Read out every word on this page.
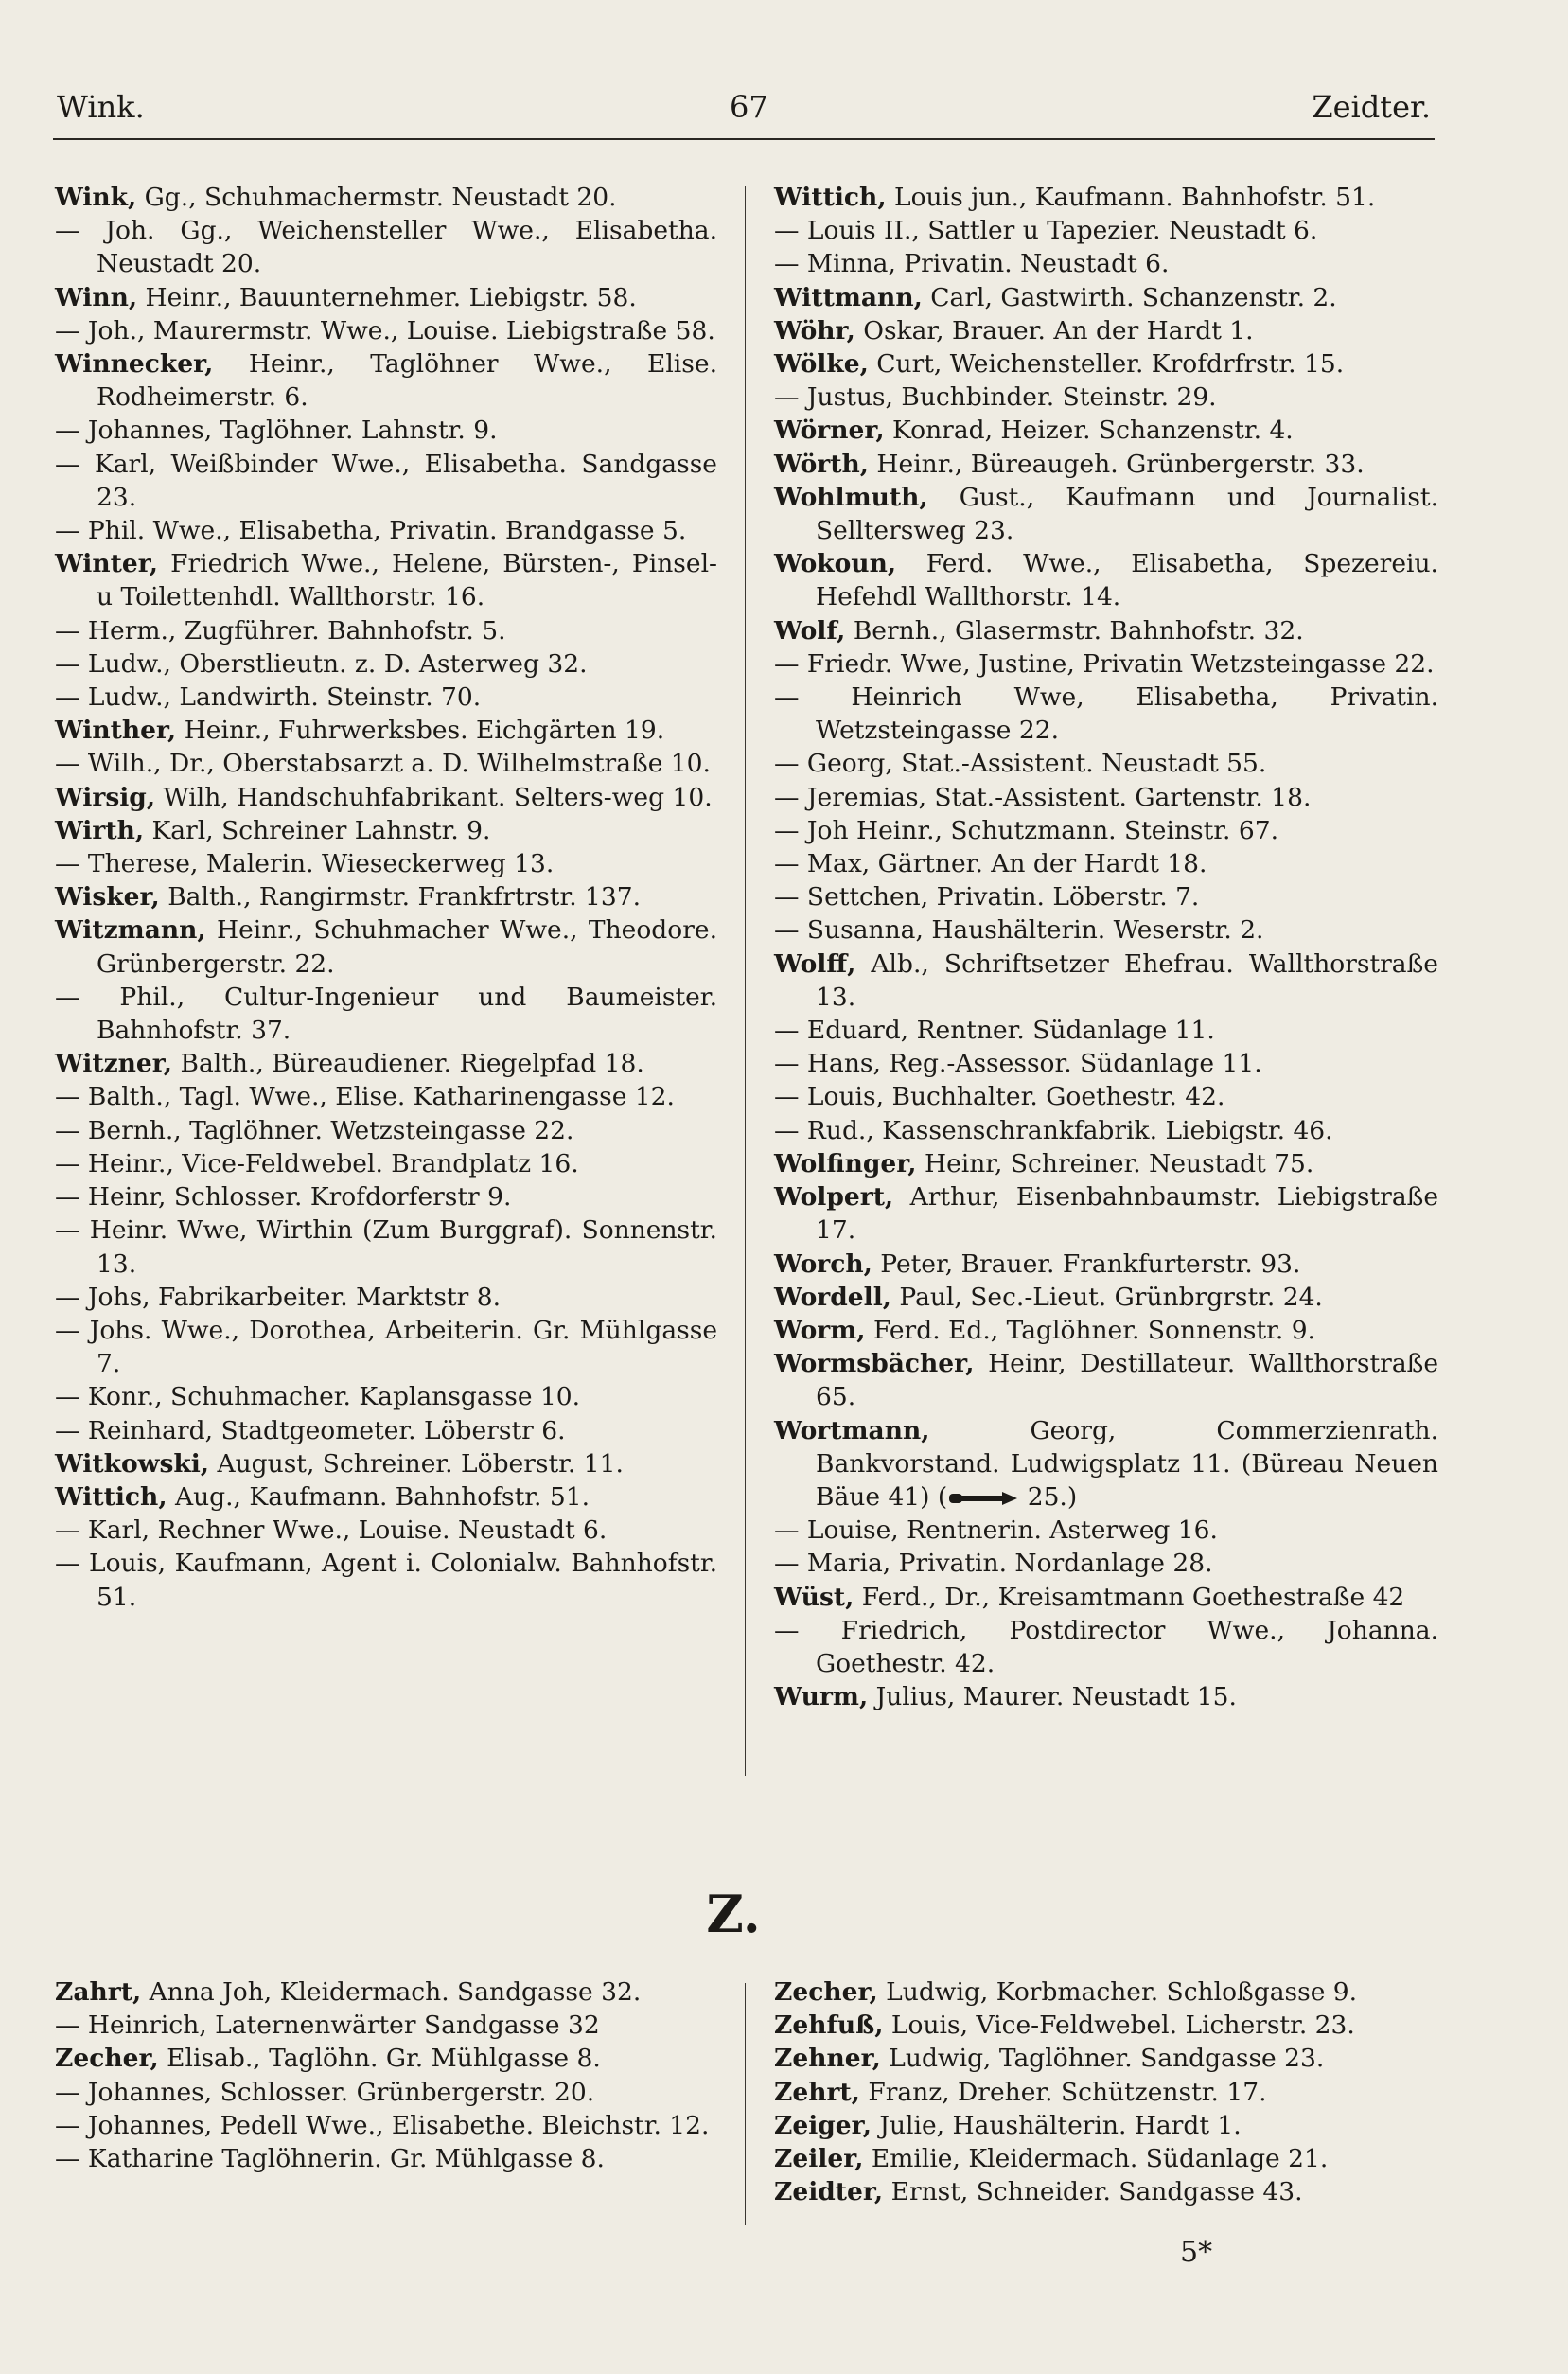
Wink.	67	Zeidter.
Wink, Gg., Schuhmachermstr. Neustadt 20.
— Joh. Gg., Weichensteller Wwe., Elisabetha. Neustadt 20.
Winn, Heinr., Bauunternehmer. Liebigstr. 58.
— Joh., Maurermstr. Wwe., Louise. Liebigstraße 58.
Winnecker, Heinr., Taglöhner Wwe., Elise. Rodheimerstr. 6.
— Johannes, Taglöhner. Lahnstr. 9.
— Karl, Weißbinder Wwe., Elisabetha. Sandgasse 23.
— Phil. Wwe., Elisabetha, Privatin. Brandgasse 5.
Winter, Friedrich Wwe., Helene, Bürsten-, Pinsel- u Toilettenhdl. Wallthorstr. 16.
— Herm., Zugführer. Bahnhofstr. 5.
— Ludw., Oberstlieutn. z. D. Asterweg 32.
— Ludw., Landwirth. Steinstr. 70.
Winther, Heinr., Fuhrwerksbes. Eichgärten 19.
— Wilh., Dr., Oberstabsarzt a. D. Wilhelmstraße 10.
Wirsig, Wilh, Handschuhfabrikant. Selters-weg 10.
Wirth, Karl, Schreiner Lahnstr. 9.
— Therese, Malerin. Wieseckerweg 13.
Wisker, Balth., Rangirmstr. Frankfrtrstr. 137.
Witzmann, Heinr., Schuhmacher Wwe., Theodore. Grünbergerstr. 22.
— Phil., Cultur-Ingenieur und Baumeister. Bahnhofstr. 37.
Witzner, Balth., Büreaudiener. Riegelpfad 18.
— Balth., Tagl. Wwe., Elise. Katharinengasse 12.
— Bernh., Taglöhner. Wetzsteingasse 22.
— Heinr., Vice-Feldwebel. Brandplatz 16.
— Heinr, Schlosser. Krofdorferstr 9.
— Heinr. Wwe, Wirthin (Zum Burggraf). Sonnenstr. 13.
— Johs, Fabrikarbeiter. Marktstr 8.
— Johs. Wwe., Dorothea, Arbeiterin. Gr. Mühlgasse 7.
— Konr., Schuhmacher. Kaplansgasse 10.
— Reinhard, Stadtgeometer. Löberstr 6.
Witkowski, August, Schreiner. Löberstr. 11.
Wittich, Aug., Kaufmann. Bahnhofstr. 51.
— Karl, Rechner Wwe., Louise. Neustadt 6.
— Louis, Kaufmann, Agent i. Colonialw. Bahnhofstr. 51.
Wittich, Louis jun., Kaufmann. Bahnhofstr. 51.
— Louis II., Sattler u Tapezier. Neustadt 6.
— Minna, Privatin. Neustadt 6.
Wittmann, Carl, Gastwirth. Schanzenstr. 2.
Wöhr, Oskar, Brauer. An der Hardt 1.
Wölke, Curt, Weichensteller. Krofdrfrstr. 15.
— Justus, Buchbinder. Steinstr. 29.
Wörner, Konrad, Heizer. Schanzenstr. 4.
Wörth, Heinr., Büreaugeh. Grünbergerstr. 33.
Wohlmuth, Gust., Kaufmann und Journalist. Selltersweg 23.
Wokoun, Ferd. Wwe., Elisabetha, Spezereiu. Hefehdl Wallthorstr. 14.
Wolf, Bernh., Glasermstr. Bahnhofstr. 32.
— Friedr. Wwe, Justine, Privatin Wetzsteingasse 22.
— Heinrich Wwe, Elisabetha, Privatin. Wetzsteingasse 22.
— Georg, Stat.-Assistent. Neustadt 55.
— Jeremias, Stat.-Assistent. Gartenstr. 18.
— Joh Heinr., Schutzmann. Steinstr. 67.
— Max, Gärtner. An der Hardt 18.
— Settchen, Privatin. Löberstr. 7.
— Susanna, Haushälterin. Weserstr. 2.
Wolff, Alb., Schriftsetzer Ehefrau. Wallthorstraße 13.
— Eduard, Rentner. Südanlage 11.
— Hans, Reg.-Assessor. Südanlage 11.
— Louis, Buchhalter. Goethestr. 42.
— Rud., Kassenschrankfabrik. Liebigstr. 46.
Wolfinger, Heinr, Schreiner. Neustadt 75.
Wolpert, Arthur, Eisenbahnbaumstr. Liebigstraße 17.
Worch, Peter, Brauer. Frankfurterstr. 93.
Wordell, Paul, Sec.-Lieut. Grünbrgrstr. 24.
Worm, Ferd. Ed., Taglöhner. Sonnenstr. 9.
Wormsbächer, Heinr, Destillateur. Wallthorstraße 65.
Wortmann, Georg, Commerzienrath. Bankvorstand. Ludwigsplatz 11. (Büreau Neuen Bäue 41) (	25.)
— Louise, Rentnerin. Asterweg 16.
— Maria, Privatin. Nordanlage 28.
Wüst, Ferd., Dr., Kreisamtmann Goethestraße 42
— Friedrich, Postdirector Wwe., Johanna. Goethestr. 42.
Wurm, Julius, Maurer. Neustadt 15.
Z.
Zahrt, Anna Joh, Kleidermach. Sandgasse 32.
— Heinrich, Laternenwärter Sandgasse 32
Zecher, Elisab., Taglöhn. Gr. Mühlgasse 8.
— Johannes, Schlosser. Grünbergerstr. 20.
— Johannes, Pedell Wwe., Elisabethe. Bleichstr. 12.
— Katharine Taglöhnerin. Gr. Mühlgasse 8.
Zecher, Ludwig, Korbmacher. Schloßgasse 9.
Zehfuß, Louis, Vice-Feldwebel. Licherstr. 23.
Zehner, Ludwig, Taglöhner. Sandgasse 23.
Zehrt, Franz, Dreher. Schützenstr. 17.
Zeiger, Julie, Haushälterin. Hardt 1.
Zeiler, Emilie, Kleidermach. Südanlage 21.
Zeidter, Ernst, Schneider. Sandgasse 43.
5*
